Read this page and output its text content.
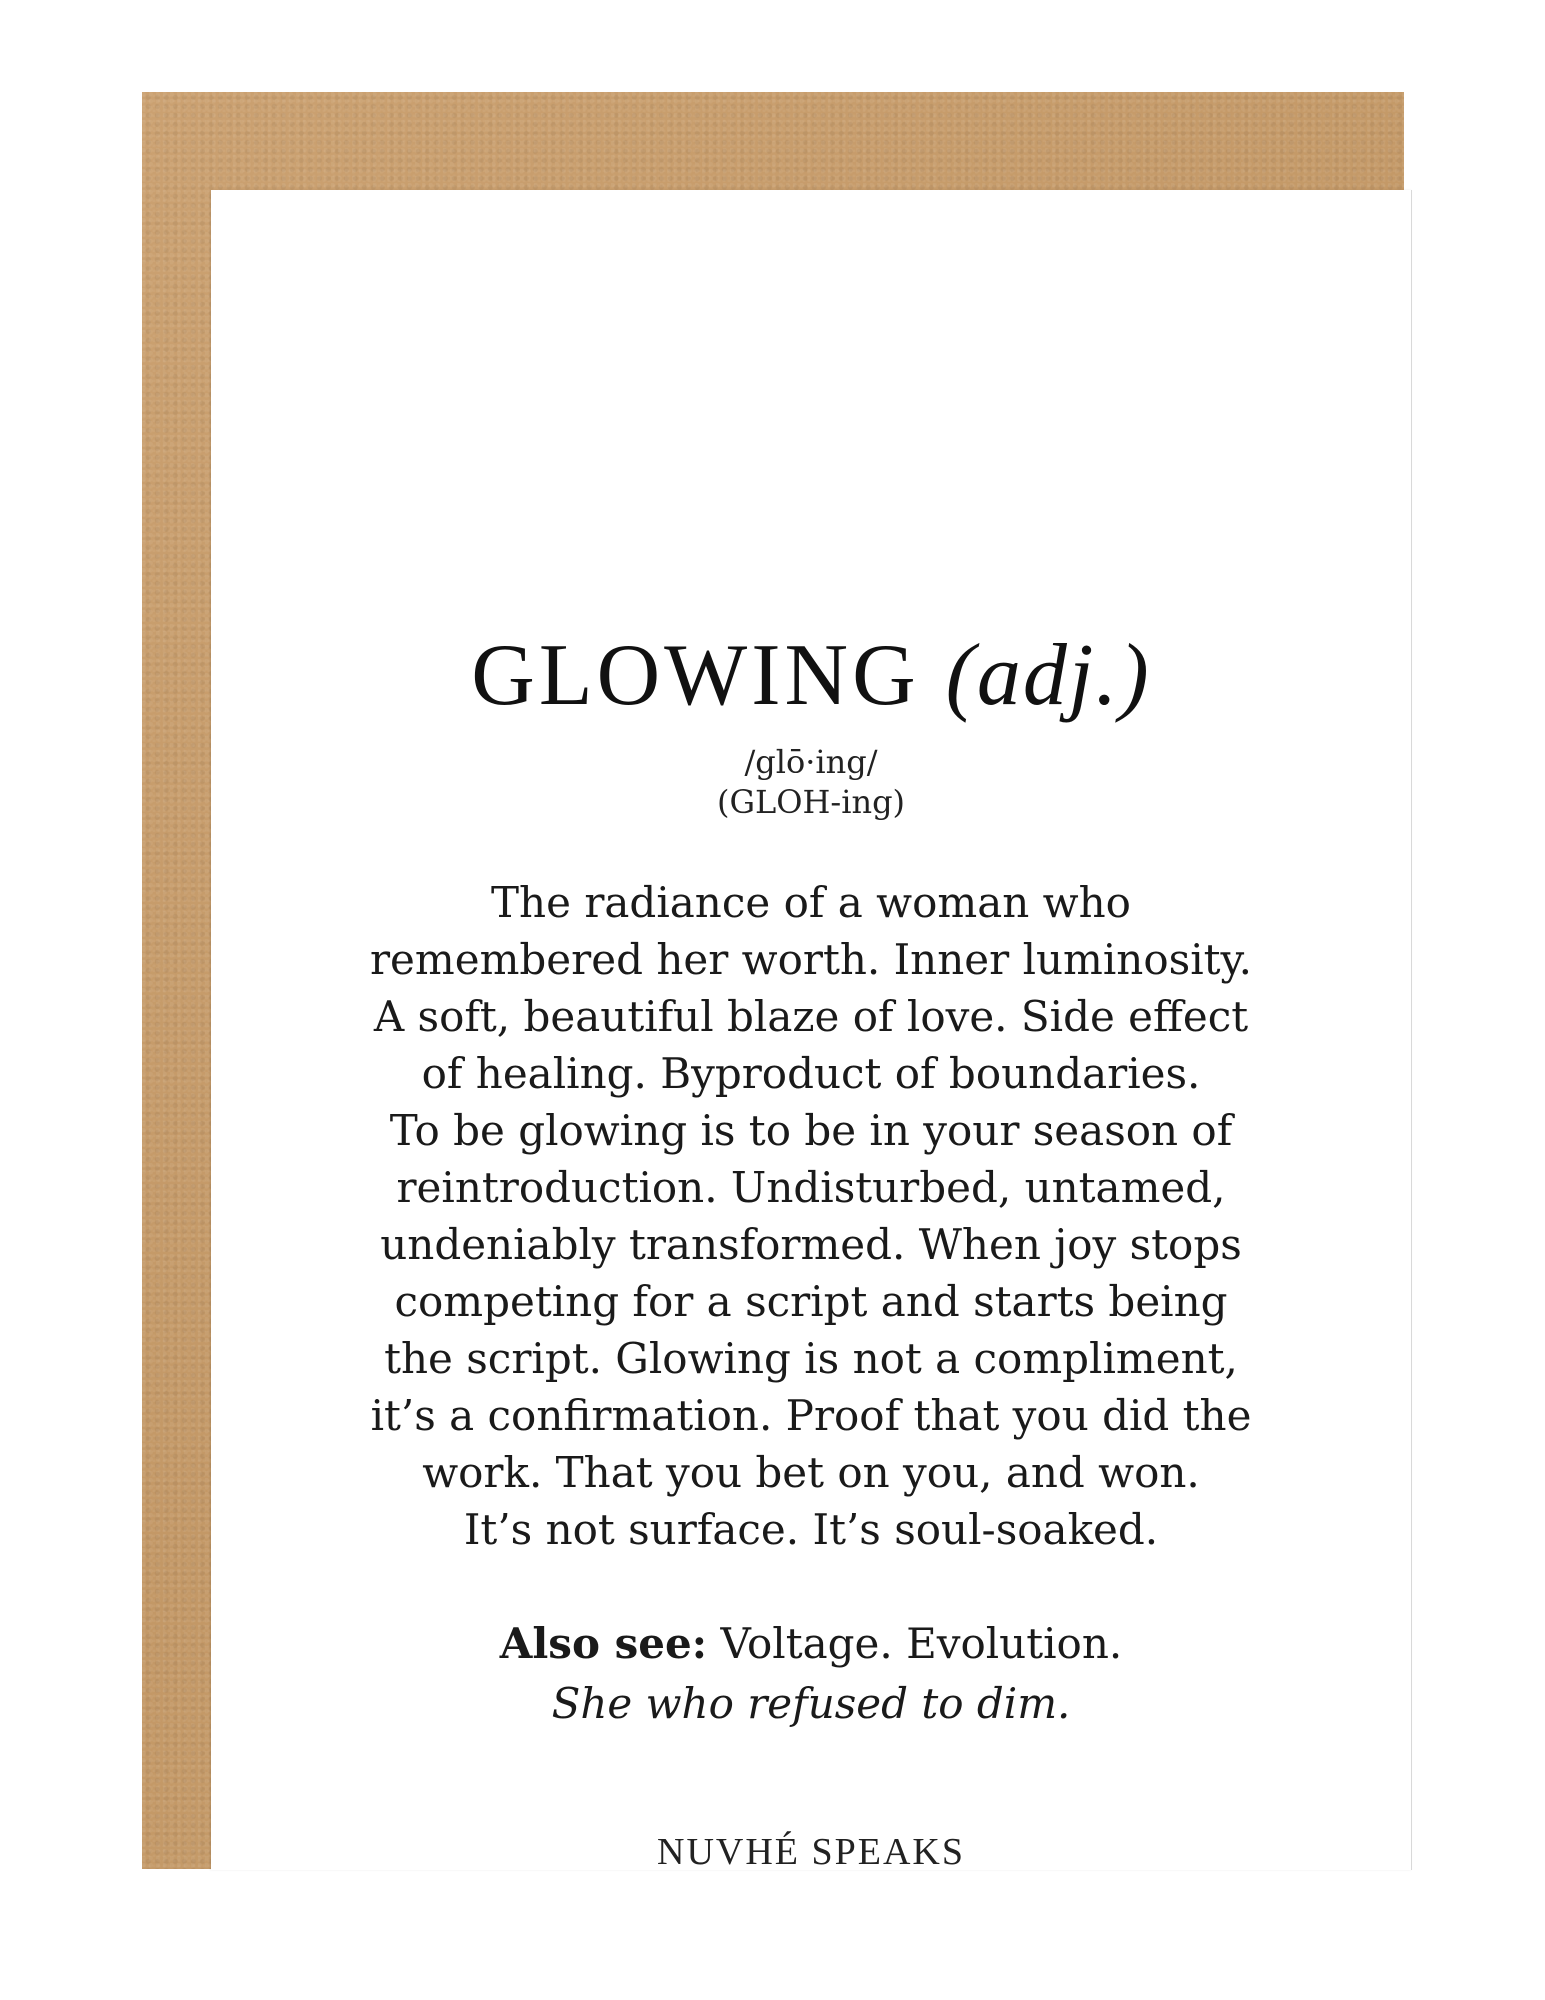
GLOWING (adj.)
/glō·ing/
(GLOH-ing)
The radiance of a woman who
remembered her worth. Inner luminosity.
A soft, beautiful blaze of love. Side effect
of healing. Byproduct of boundaries.
To be glowing is to be in your season of
reintroduction. Undisturbed, untamed,
undeniably transformed. When joy stops
competing for a script and starts being
the script. Glowing is not a compliment,
it’s a confirmation. Proof that you did the
work. That you bet on you, and won.
It’s not surface. It’s soul-soaked.
Also see: Voltage. Evolution.
She who refused to dim.
NUVHÉ SPEAKS
